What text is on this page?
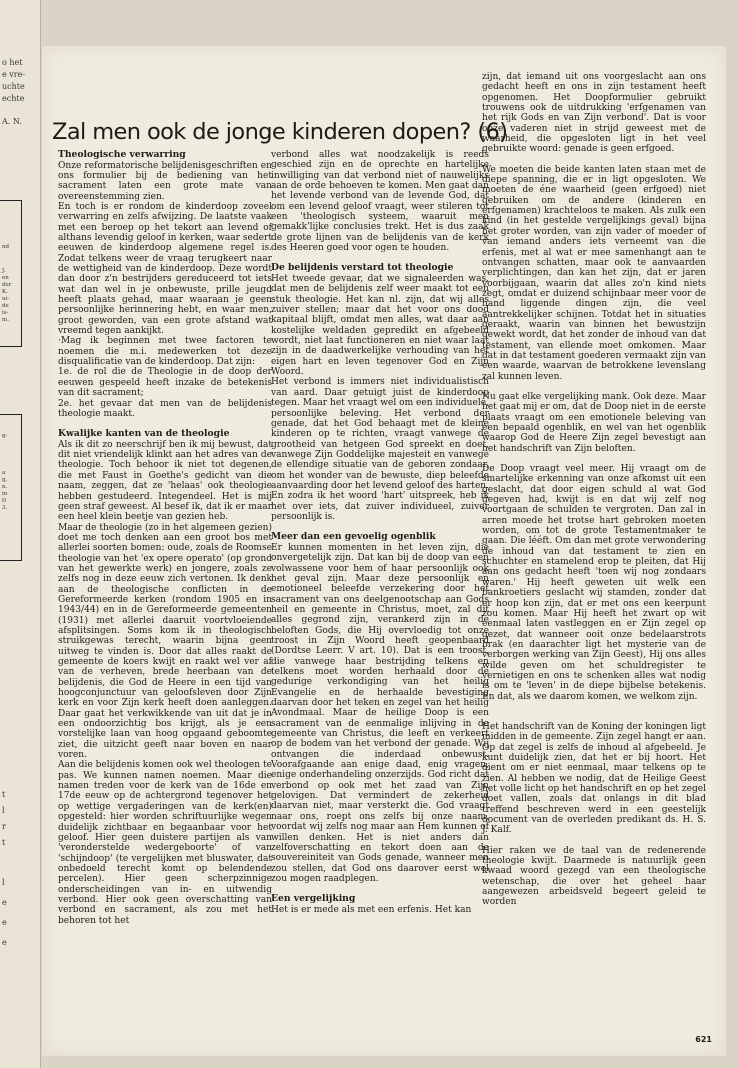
o het
e vre-
uchte
echte
A. N.
nd
J.
en
der
K.
ui-
de
is-
m.
g-
a
g,
n.
in
f)
3.
t
l
r
t
l
e
e
e
Zal men ook de jonge kinderen dopen? (6)
Theologische verwarring

Onze reformatorische belijdenisgeschriften en ons formulier bij de bediening van het sacrament laten een grote mate van overeenstemming zien.

En toch is er rondom de kinderdoop zoveel verwarring en zelfs afwijzing. De laatste vaak met een beroep op het tekort aan levend of althans levendig geloof in kerken, waar sedert eeuwen de kinderdoop algemene regel is. Zodat telkens weer de vraag terugkeert naar de wettigheid van de kinderdoop. Deze wordt dan door z'n bestrijders gereduceerd tot iets wat dan wel in je onbewuste, prille jeugd heeft plaats gehad, maar waaraan je geen persoonlijke herinnering hebt, en waar men, groot geworden, van een grote afstand wat vreemd tegen aankijkt.

·Mag ik beginnen met twee factoren te noemen die m.i. medewerken tot deze disqualificatie van de kinderdoop. Dat zijn:

1e. de rol die de Theologie in de doop der eeuwen gespeeld heeft inzake de betekenis van dit sacrament;

2e. het gevaar dat men van de belijdenis theologie maakt.

Kwalijke kanten van de theologie

Als ik dit zo neerschrijf ben ik mij bewust, dat dit niet vriendelijk klinkt aan het adres van de theologie. Toch behoor ik niet tot degenen, die met Faust in Goethe's gedicht van die naam, zeggen, dat ze 'helaas' ook theologie hebben gestudeerd. Integendeel. Het is mij geen straf geweest. Al besef ik, dat ik er maar een heel klein beetje van gezien heb.

Maar de theologie (zo in het algemeen gezien) doet me toch denken aan een groot bos met allerlei soorten bomen: oude, zoals de Roomse theologie van het 'ex opere operato' (op grond van het gewerkte werk) en jongere, zoals ze zelfs nog in deze eeuw zich vertonen. Ik denk aan de theologische conflicten in de Gereformeerde kerken (rondom 1905 en in 1943/44) en in de Gereformeerde gemeenten (1931) met allerlei daaruit voortvloeiende afsplitsingen. Soms kom ik in theologisch struikgewas terecht, waarin bijna geen uitweg te vinden is. Door dat alles raakt de gemeente de koers kwijt en raakt wel ver af van de verheven, brede heerbaan van de belijdenis, die God de Heere in een tijd van hoogconjunctuur van geloofsleven door Zijn kerk en voor Zijn kerk heeft doen aanleggen. Daar gaat het verkwikkende van uit dat je in een ondoorzichtig bos krijgt, als je een vorstelijke laan van hoog opgaand geboomte ziet, die uitzicht geeft naar boven en naar voren.

Aan die belijdenis komen ook wel theologen te pas. We kunnen namen noemen. Maar die namen treden voor de kerk van de 16de en 17de eeuw op de achtergrond tegenover het op wettige vergaderingen van de kerk(en) opgesteld: hier worden schriftuurlijke wegen duidelijk zichtbaar en begaanbaar voor het geloof. Hier geen duistere partijen als van 'veronderstelde wedergeboorte' of van 'schijndoop' (te vergelijken met bluswater, dat onbedoeld terecht komt op belendende percelen). Hier geen scherpzinnige onderscheidingen van in- en uitwendig verbond. Hier ook geen overschatting van verbond en sacrament, als zou met het behoren tot het

verbond alles wat noodzakelijk is reeds geschied zijn en de oprechte en hartelijke inwilliging van dat verbond niet of nauwelijks aan de orde behoeven te komen. Men gaat dan het levende verbond van de levende God, dat om een levend geloof vraagt, weer stileren tot een 'theologisch systeem, waaruit men gemakk'lijke conclusies trekt. Het is dus zaak de grote lijnen van de belijdenis van de kerk des Heeren goed voor ogen te houden.

De belijdenis verstard tot theologie

Het tweede gevaar, dat we signaleerden was, dat men de belijdenis zelf weer maakt tot een stuk theologie. Het kan nl. zijn, dat wij alles zuiver stellen; maar dat het voor ons dood kapitaal blijft, omdat men alles, wat daar aan kostelijke weldaden gepredikt en afgebeeld wordt, niet laat functioneren en niet waar laat zijn in de daadwerkelijke verhouding van het eigen hart en leven tegenover God en Zijn Woord.

Het verbond is immers niet individualistisch van aard. Daar getuigt juist de kinderdoop tegen. Maar het vraagt wel om een individuele, persoonlijke beleving. Het verbond der genade, dat het God behaagt met de kleine kinderen op te richten, vraagt vanwege de grootheid van hetgeen God spreekt en doet, vanwege Zijn Goddelijke majesteit en vanwege de ellendige situatie van de geboren zondaar, om het wonder van de bewuste, diep beleefde aanvaarding door het levend geloof des harten. En zodra ik het woord 'hart' uitspreek, heb ik het over iets, dat zuiver individueel, zuiver persoonlijk is.

Meer dan een gevoelig ogenblik

Er kunnen momenten in het leven zijn, die onvergetelijk zijn. Dat kan bij de doop van een volwassene voor hem of haar persoonlijk ook het geval zijn. Maar deze persoonlijk en emotioneel beleefde verzekering door het sacrament van ons deelgenootschap aan Gods heil en gemeente in Christus, moet, zal dit alles gegrond zijn, verankerd zijn in de beloften Gods, die Hij overvloedig tot onze troost in Zijn Woord heeft geopenbaard (Dordtse Leerr. V art. 10). Dat is een troost, die vanwege haar bestrijding telkens en telkens moet worden herhaald door de gedurige verkondiging van het heilig Evangelie en de herhaalde bevestiging daarvan door het teken en zegel van het heilig Avondmaal. Maar de heilige Doop is een sacrament van de eenmalige inlijving in de gemeente van Christus, die leeft en verkeert op de bodem van het verbond der genade. Wij ontvangen die inderdaad onbewust. Voorafgaande aan enige daad, enig vragen, enige onderhandeling onzerzijds. God richt dat verbond op ook met het zaad van Zijn gelovigen. Dat vermindert de zekerheid daarvan niet, maar versterkt die. God vraagt naar ons, roept ons zelfs bij onze naam, voordat wij zelfs nog maar aan Hem kunnen of willen denken. Het is niet anders dan zelfoverschatting en tekort doen aan de souvereiniteit van Gods genade, wanneer men zou stellen, dat God ons daarover eerst wel zou mogen raadplegen.

Een vergelijking

Het is er mede als met een erfenis. Het kan

zijn, dat iemand uit ons voorgeslacht aan ons gedacht heeft en ons in zijn testament heeft opgenomen. Het Doopformulier gebruikt trouwens ook de uitdrukking 'erfgenamen van het rijk Gods en van Zijn verbond'. Dat is voor onze vaderen niet in strijd geweest met de waarheid, die opgesloten ligt in het veel gebruikte woord: genade is geen erfgoed.

We moeten die beide kanten laten staan met de diepe spanning, die er in ligt opgesloten. We moeten de éne waarheid (geen erfgoed) niet gebruiken om de andere (kinderen en erfgenamen) krachteloos te maken. Als zulk een kind (in het gestelde vergelijkings geval) bijna het groter worden, van zijn vader of moeder of van iemand anders iets verneemt van die erfenis, met al wat er mee samenhangt aan te ontvangen schatten, maar ook te aanvaarden verplichtingen, dan kan het zijn, dat er jaren voorbijgaan, waarin dat alles zo'n kind niets zegt, omdat er duizend schijnbaar meer voor de hand liggende dingen zijn, die veel aantrekkelijker schijnen. Totdat het in situaties geraakt, waarin van binnen het bewustzijn gewekt wordt, dat het zonder de inhoud van dat testament, van ellende moet omkomen. Maar dat in dat testament goederen vermaakt zijn van een waarde, waarvan de betrokkene levenslang zal kunnen leven.

Nu gaat elke vergelijking mank. Ook deze. Maar het gaat mij er om, dat de Doop niet in de eerste plaats vraagt om een emotionele beleving van een bepaald ogenblik, en wel van het ogenblik waarop God de Heere Zijn zegel bevestigt aan het handschrift van Zijn beloften.

De Doop vraagt veel meer. Hij vraagt om de smartelijke erkenning van onze afkomst uit een geslacht, dat door eigen schuld al wat God gegeven had, kwijt is en dat wij zelf nog voortgaan de schulden te vergroten. Dan zal in arren moede het trotse hart gebroken moeten worden, om tot de grote Testamentmaker te gaan. Die lééft. Om dan met grote verwondering de inhoud van dat testament te zien en schuchter en stamelend erop te pleiten, dat Hij aan ons gedacht heeft 'toen wij nog zondaars waren.' Hij heeft geweten uit welk een bankroetiers geslacht wij stamden, zonder dat er hoop kon zijn, dat er met ons een keerpunt zou komen. Maar Hij heeft het zwart op wit eenmaal laten vastleggen en er Zijn zegel op gezet, dat wanneer ooit onze bedelaarstrots brak (en daarachter ligt het mysterie van de verborgen werking van Zijn Geest), Hij ons alles wilde geven om het schuldregister te vernietigen en ons te schenken alles wat nodig is om te 'leven' in de diepe bijbelse betekenis. En dat, als we daarom komen, we welkom zijn.

Het handschrift van de Koning der koningen ligt midden in de gemeente. Zijn zegel hangt er aan. Op dat zegel is zelfs de inhoud al afgebeeld. Je kunt duidelijk zien, dat het er bij hoort. Het dient om er niet eenmaal, maar telkens op te zien. Al hebben we nodig, dat de Heilige Geest het volle licht op het handschrift en op het zegel doet vallen, zoals dat onlangs in dit blad treffend beschreven werd in een geestelijk document van de overleden predikant ds. H. S. J. Kalf.

Hier raken we de taal van de redenerende theologie kwijt. Daarmede is natuurlijk geen kwaad woord gezegd van een theologische wetenschap, die over het geheel haar aangewezen arbeidsveld begeert geleid te worden

621
